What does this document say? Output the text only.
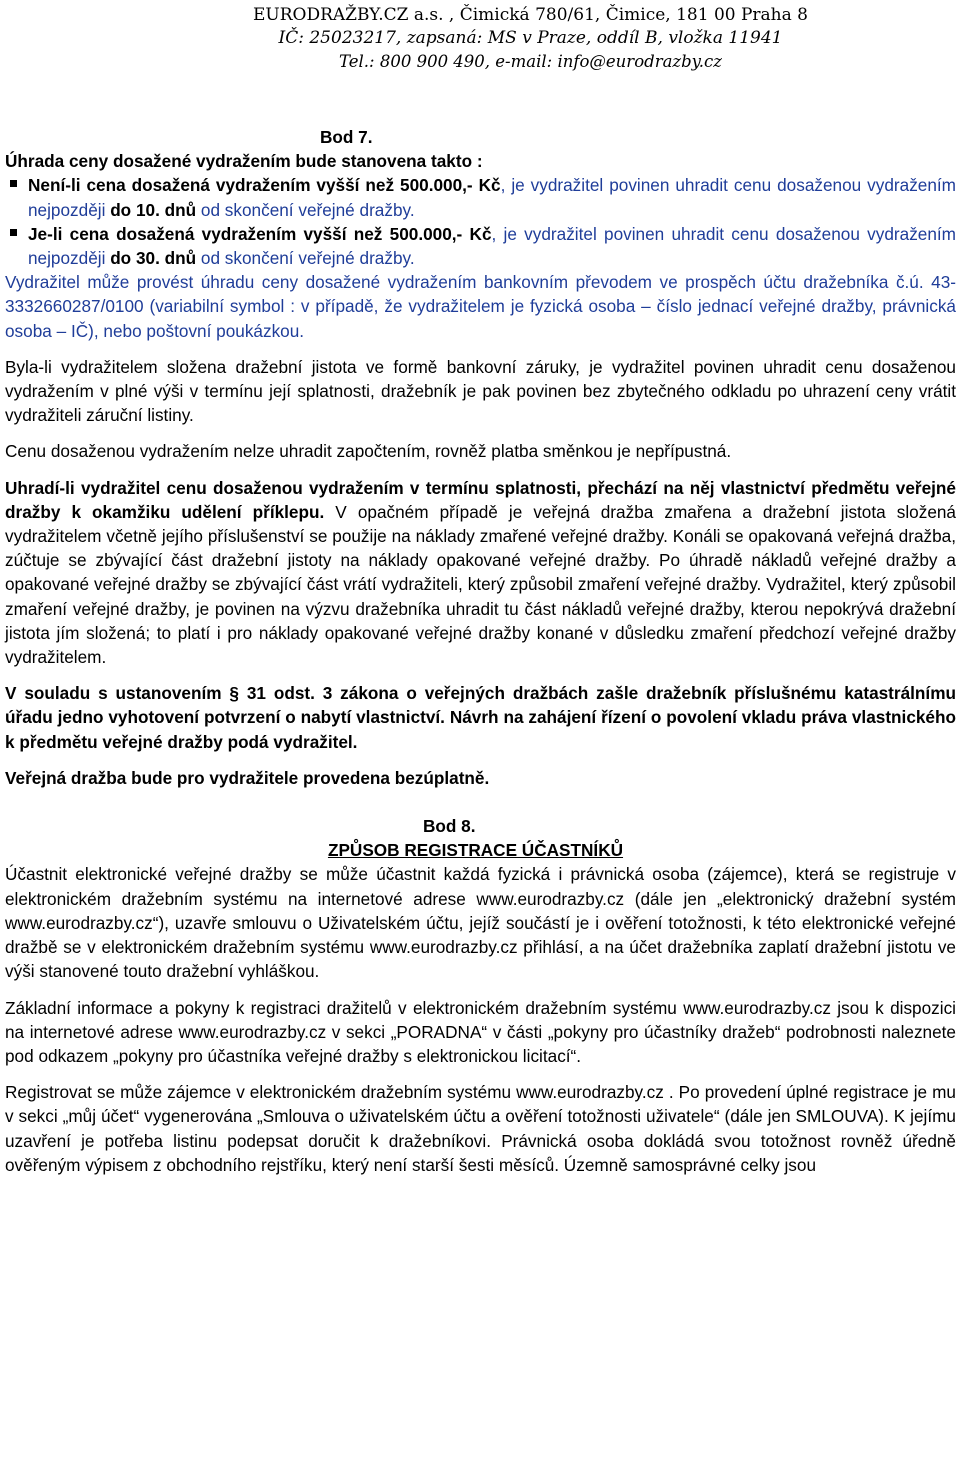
EURODRAŽBY.CZ a.s. , Čimická 780/61, Čimice, 181 00 Praha 8
IČ: 25023217, zapsaná: MS v Praze, oddíl B, vložka 11941
Tel.: 800 900 490, e-mail: info@eurodrazby.cz
Bod 7.
Úhrada ceny dosažené vydražením bude stanovena takto :
Není-li cena dosažená vydražením vyšší než 500.000,- Kč, je vydražitel povinen uhradit cenu dosaženou vydražením nejpozději do 10. dnů od skončení veřejné dražby.
Je-li cena dosažená vydražením vyšší než 500.000,- Kč, je vydražitel povinen uhradit cenu dosaženou vydražením nejpozději do 30. dnů od skončení veřejné dražby.

Vydražitel může provést úhradu ceny dosažené vydražením bankovním převodem ve prospěch účtu dražebníka č.ú. 43-3332660287/0100 (variabilní symbol : v případě, že vydražitelem je fyzická osoba – číslo jednací veřejné dražby, právnická osoba – IČ), nebo poštovní poukázkou.

Byla-li vydražitelem složena dražební jistota ve formě bankovní záruky, je vydražitel povinen uhradit cenu dosaženou vydražením v plné výši v termínu její splatnosti, dražebník je pak povinen bez zbytečného odkladu po uhrazení ceny vrátit vydražiteli záruční listiny.

Cenu dosaženou vydražením nelze uhradit započtením, rovněž platba směnkou je nepřípustná.

Uhradí-li vydražitel cenu dosaženou vydražením v termínu splatnosti, přechází na něj vlastnictví předmětu veřejné dražby k okamžiku udělení příklepu. V opačném případě je veřejná dražba zmařena a dražební jistota složená vydražitelem včetně jejího příslušenství se použije na náklady zmařené veřejné dražby. Konáli se opakovaná veřejná dražba, zúčtuje se zbývající část dražební jistoty na náklady opakované veřejné dražby. Po úhradě nákladů veřejné dražby a opakované veřejné dražby se zbývající část vrátí vydražiteli, který způsobil zmaření veřejné dražby. Vydražitel, který způsobil zmaření veřejné dražby, je povinen na výzvu dražebníka uhradit tu část nákladů veřejné dražby, kterou nepokrývá dražební jistota jím složená; to platí i pro náklady opakované veřejné dražby konané v důsledku zmaření předchozí veřejné dražby vydražitelem.

V souladu s ustanovením § 31 odst. 3 zákona o veřejných dražbách zašle dražebník příslušnému katastrálnímu úřadu jedno vyhotovení potvrzení o nabytí vlastnictví. Návrh na zahájení řízení o povolení vkladu práva vlastnického k předmětu veřejné dražby podá vydražitel.

Veřejná dražba bude pro vydražitele provedena bezúplatně.

Bod 8.
ZPŮSOB REGISTRACE ÚČASTNÍKŮ

Účastnit elektronické veřejné dražby se může účastnit každá fyzická i právnická osoba (zájemce), která se registruje v elektronickém dražebním systému na internetové adrese www.eurodrazby.cz (dále jen „elektronický dražební systém www.eurodrazby.cz“), uzavře smlouvu o Uživatelském účtu, jejíž součástí je i ověření totožnosti, k této elektronické veřejné dražbě se v elektronickém dražebním systému www.eurodrazby.cz přihlásí, a na účet dražebníka zaplatí dražební jistotu ve výši stanovené touto dražební vyhláškou.

Základní informace a pokyny k registraci dražitelů v elektronickém dražebním systému www.eurodrazby.cz jsou k dispozici na internetové adrese www.eurodrazby.cz v sekci „PORADNA“ v části „pokyny pro účastníky dražeb“ podrobnosti naleznete pod odkazem „pokyny pro účastníka veřejné dražby s elektronickou licitací“.

Registrovat se může zájemce v elektronickém dražebním systému www.eurodrazby.cz . Po provedení úplné registrace je mu v sekci „můj účet“ vygenerována „Smlouva o uživatelském účtu a ověření totožnosti uživatele“ (dále jen SMLOUVA). K jejímu uzavření je potřeba listinu podepsat doručit k dražebníkovi. Právnická osoba dokládá svou totožnost rovněž úředně ověřeným výpisem z obchodního rejstříku, který není starší šesti měsíců. Územně samosprávné celky jsou
